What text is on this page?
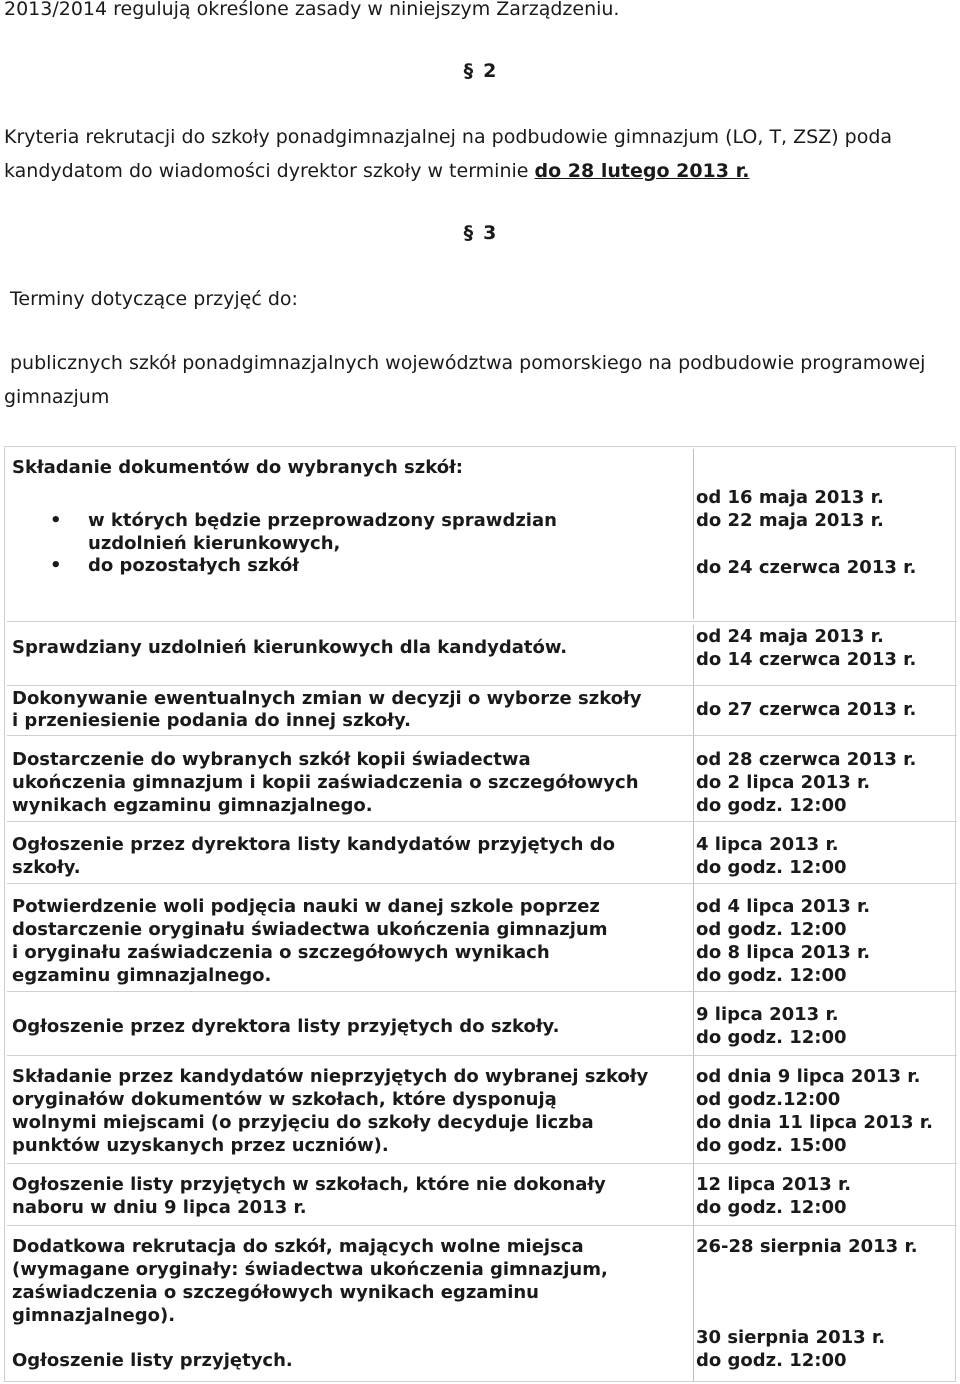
2013/2014 regulują określone zasady w niniejszym Zarządzeniu.
§ 2
Kryteria rekrutacji do szkoły ponadgimnazjalnej na podbudowie gimnazjum (LO, T, ZSZ) poda
kandydatom do wiadomości dyrektor szkoły w terminie do 28 lutego 2013 r.
§ 3
Terminy dotyczące przyjęć do:
publicznych szkół ponadgimnazjalnych województwa pomorskiego na podbudowie programowej
gimnazjum
Składanie dokumentów do wybranych szkół:
• w których będzie przeprowadzony sprawdzian
uzdolnień kierunkowych,
• do pozostałych szkół
od 16 maja 2013 r.
do 22 maja 2013 r.
do 24 czerwca 2013 r.
Sprawdziany uzdolnień kierunkowych dla kandydatów.
od 24 maja 2013 r.
do 14 czerwca 2013 r.
Dokonywanie ewentualnych zmian w decyzji o wyborze szkoły
i przeniesienie podania do innej szkoły.
do 27 czerwca 2013 r.
Dostarczenie do wybranych szkół kopii świadectwa
ukończenia gimnazjum i kopii zaświadczenia o szczegółowych
wynikach egzaminu gimnazjalnego.
od 28 czerwca 2013 r.
do 2 lipca 2013 r.
do godz. 12:00
Ogłoszenie przez dyrektora listy kandydatów przyjętych do
szkoły.
4 lipca 2013 r.
do godz. 12:00
Potwierdzenie woli podjęcia nauki w danej szkole poprzez
dostarczenie oryginału świadectwa ukończenia gimnazjum
i oryginału zaświadczenia o szczegółowych wynikach
egzaminu gimnazjalnego.
od 4 lipca 2013 r.
od godz. 12:00
do 8 lipca 2013 r.
do godz. 12:00
Ogłoszenie przez dyrektora listy przyjętych do szkoły.
9 lipca 2013 r.
do godz. 12:00
Składanie przez kandydatów nieprzyjętych do wybranej szkoły
oryginałów dokumentów w szkołach, które dysponują
wolnymi miejscami (o przyjęciu do szkoły decyduje liczba
punktów uzyskanych przez uczniów).
od dnia 9 lipca 2013 r.
od godz.12:00
do dnia 11 lipca 2013 r.
do godz. 15:00
Ogłoszenie listy przyjętych w szkołach, które nie dokonały
naboru w dniu 9 lipca 2013 r.
12 lipca 2013 r.
do godz. 12:00
Dodatkowa rekrutacja do szkół, mających wolne miejsca
(wymagane oryginały: świadectwa ukończenia gimnazjum,
zaświadczenia o szczegółowych wynikach egzaminu
gimnazjalnego).
Ogłoszenie listy przyjętych.
26-28 sierpnia 2013 r.
30 sierpnia 2013 r.
do godz. 12:00
